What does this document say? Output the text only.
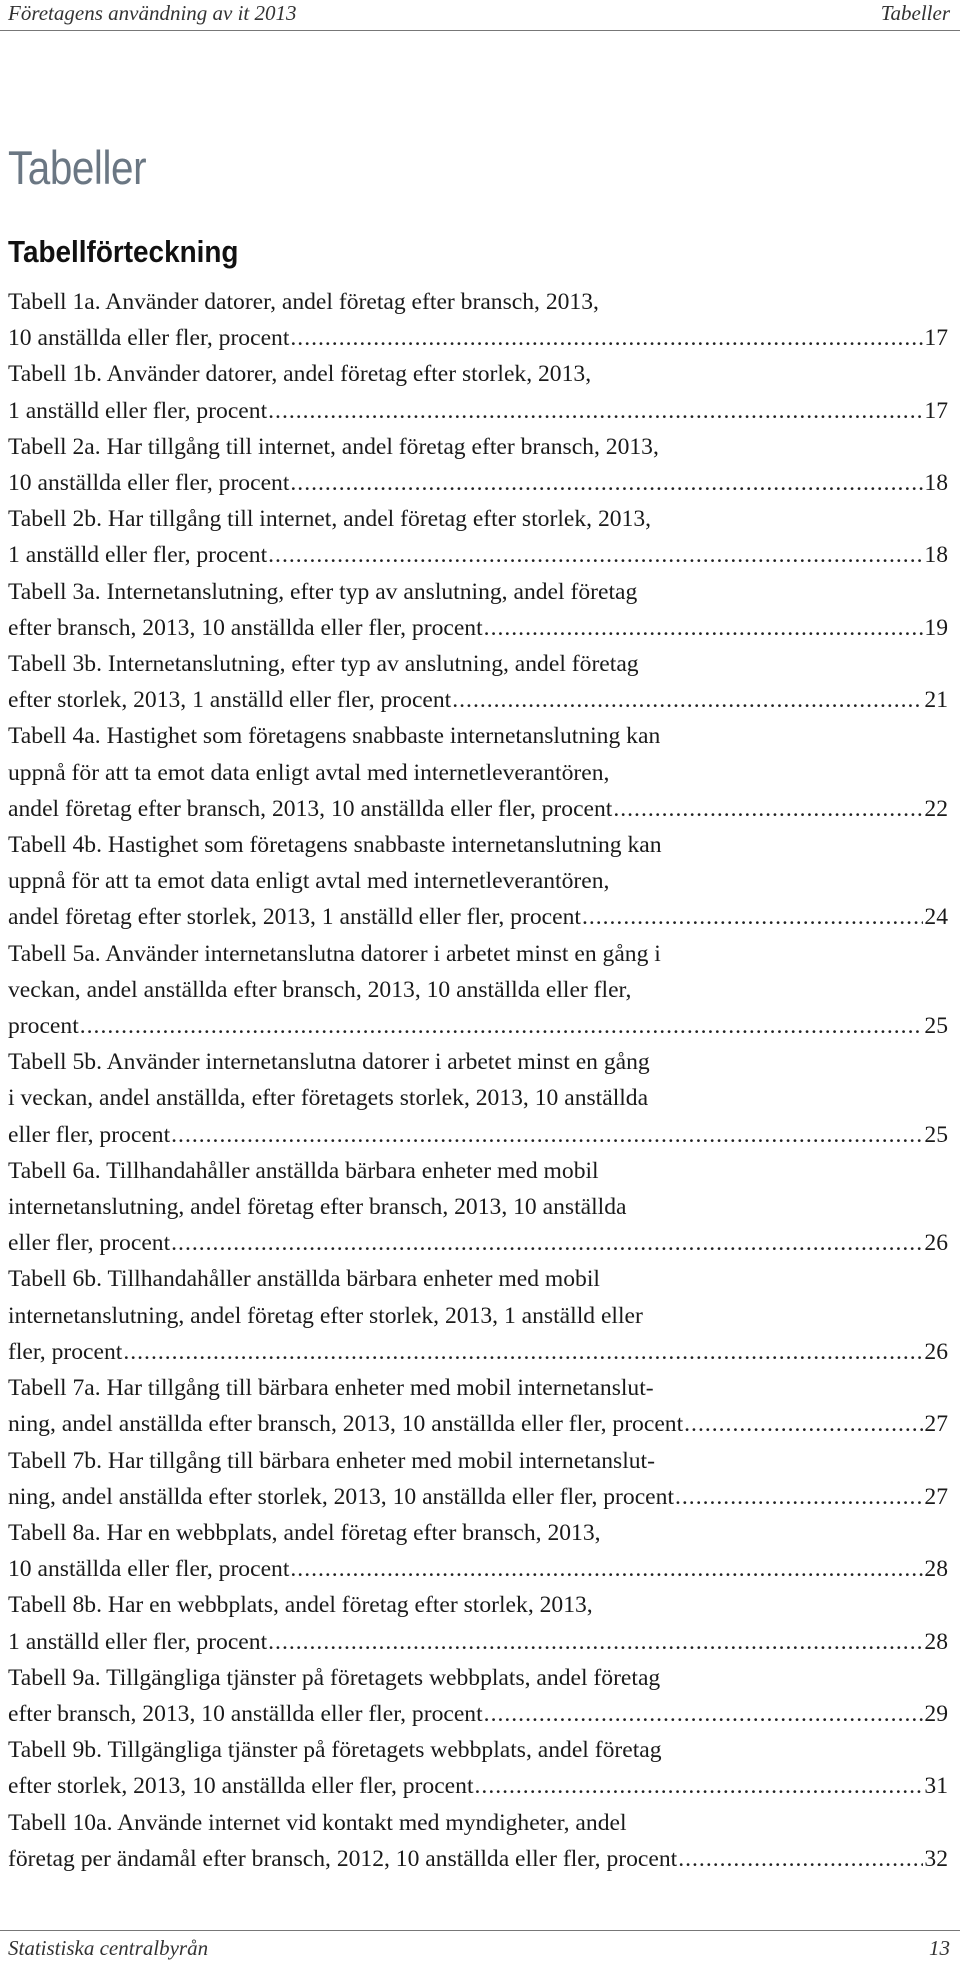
Företagens användning av it 2013	Tabeller
Tabeller
Tabellförteckning
Tabell 1a. Använder datorer, andel företag efter bransch, 2013,
10 anställda eller fler, procent .....	17
Tabell 1b. Använder datorer, andel företag efter storlek, 2013,
1 anställd eller fler, procent .....	17
Tabell 2a. Har tillgång till internet, andel företag efter bransch, 2013,
10 anställda eller fler, procent .....	18
Tabell 2b. Har tillgång till internet, andel företag efter storlek, 2013,
1 anställd eller fler, procent .....	18
Tabell 3a. Internetanslutning, efter typ av anslutning, andel företag
efter bransch, 2013, 10 anställda eller fler, procent .....	19
Tabell 3b. Internetanslutning, efter typ av anslutning, andel företag
efter storlek, 2013, 1 anställd eller fler, procent .....	21
Tabell 4a. Hastighet som företagens snabbaste internetanslutning kan
uppnå för att ta emot data enligt avtal med internetleverantören,
andel företag efter bransch, 2013, 10 anställda eller fler, procent .....	22
Tabell 4b. Hastighet som företagens snabbaste internetanslutning kan
uppnå för att ta emot data enligt avtal med internetleverantören,
andel företag efter storlek, 2013, 1 anställd eller fler, procent .....	24
Tabell 5a. Använder internetanslutna datorer i arbetet minst en gång i
veckan, andel anställda efter bransch, 2013, 10 anställda eller fler,
procent .....	25
Tabell 5b. Använder internetanslutna datorer i arbetet minst en gång
i veckan, andel anställda, efter företagets storlek, 2013, 10 anställda
eller fler, procent .....	25
Tabell 6a. Tillhandahåller anställda bärbara enheter med mobil
internetanslutning, andel företag efter bransch, 2013, 10 anställda
eller fler, procent .....	26
Tabell 6b. Tillhandahåller anställda bärbara enheter med mobil
internetanslutning, andel företag efter storlek, 2013, 1 anställd eller
fler, procent .....	26
Tabell 7a. Har tillgång till bärbara enheter med mobil internetanslut-
ning, andel anställda efter bransch, 2013, 10 anställda eller fler, procent .....	27
Tabell 7b. Har tillgång till bärbara enheter med mobil internetanslut-
ning, andel anställda efter storlek, 2013, 10 anställda eller fler, procent .....	27
Tabell 8a. Har en webbplats, andel företag efter bransch, 2013,
10 anställda eller fler, procent .....	28
Tabell 8b. Har en webbplats, andel företag efter storlek, 2013,
1 anställd eller fler, procent .....	28
Tabell 9a. Tillgängliga tjänster på företagets webbplats, andel företag
efter bransch, 2013, 10 anställda eller fler, procent .....	29
Tabell 9b. Tillgängliga tjänster på företagets webbplats, andel företag
efter storlek, 2013, 10 anställda eller fler, procent .....	31
Tabell 10a. Använde internet vid kontakt med myndigheter, andel
företag per ändamål efter bransch, 2012, 10 anställda eller fler, procent .....	32
Statistiska centralbyrån	13
